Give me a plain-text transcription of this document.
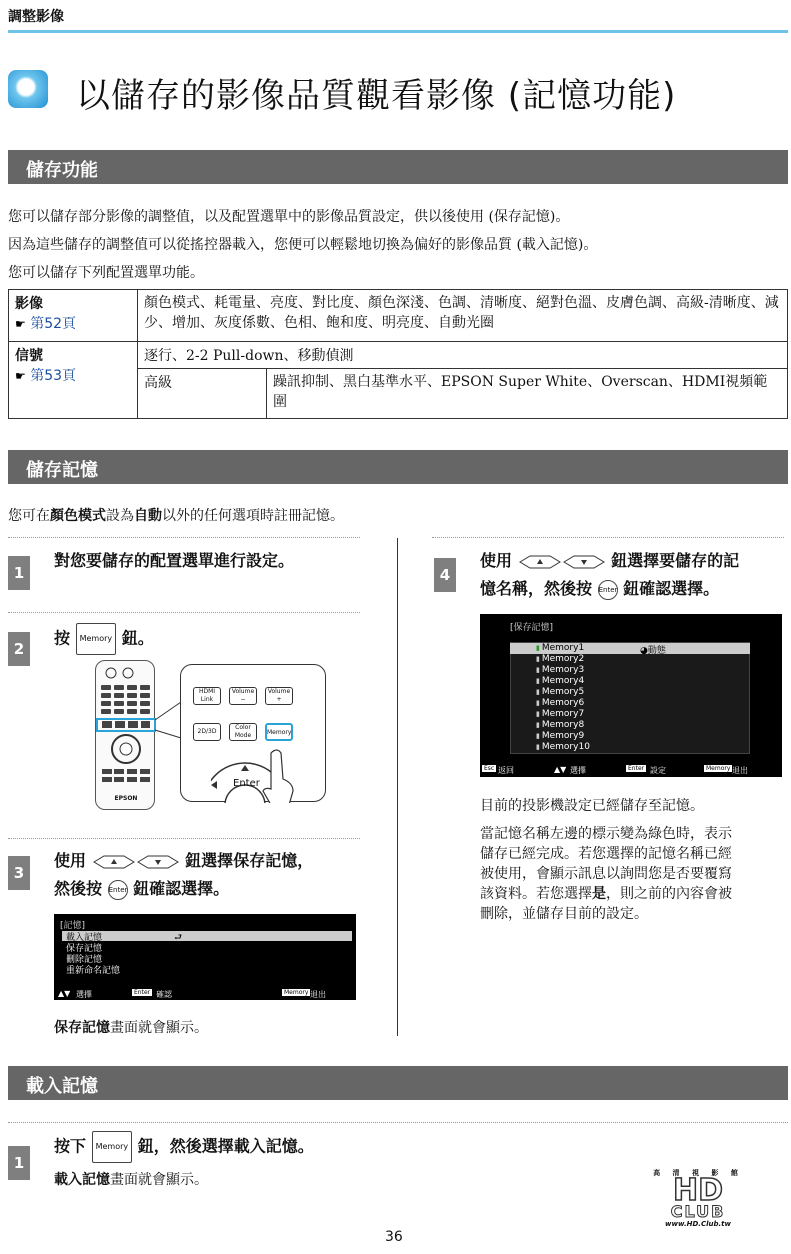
調整影像
以儲存的影像品質觀看影像 (記憶功能)
儲存功能
您可以儲存部分影像的調整值，以及配置選單中的影像品質設定，供以後使用 (保存記憶)。
因為這些儲存的調整值可以從搖控器載入，您便可以輕鬆地切換為偏好的影像品質 (載入記憶)。
您可以儲存下列配置選單功能。
影像
☛ 第52頁	顏色模式、耗電量、亮度、對比度、顏色深淺、色調、清晰度、絕對色溫、皮膚色調、高級-清晰度、減少、增加、灰度係數、色相、飽和度、明亮度、自動光圈	

信號
☛ 第53頁	逐行、2-2 Pull-down、移動偵測	
	高級	躁訊抑制、黑白基準水平、EPSON Super White、Overscan、HDMI視頻範圍
儲存記憶
您可在顏色模式設為自動以外的任何選項時註冊記憶。
1
對您要儲存的配置選單進行設定。
2
按 Memory 鈕。
EPSON
HDMI Link
Volume −
Volume +
2D/3D
Color Mode	Memory
Enter
3
使用	鈕選擇保存記憶，
然後按 Enter 鈕確認選擇。
[記憶]
載入記憶	⮐
保存記憶
刪除記憶
重新命名記憶
▲▼ 選擇	Enter 確認	Memory 退出
保存記憶畫面就會顯示。
4
使用	鈕選擇要儲存的記
憶名稱，然後按 Enter 鈕確認選擇。
[保存記憶]
◕動態
▮ Memory1
▮ Memory2
▮ Memory3
▮ Memory4
▮ Memory5
▮ Memory6
▮ Memory7
▮ Memory8
▮ Memory9
▮ Memory10
Esc 返回	▲▼ 選擇	Enter 設定	Memory 退出
目前的投影機設定已經儲存至記憶。
當記憶名稱左邊的標示變為綠色時，表示
儲存已經完成。若您選擇的記憶名稱已經
被使用，會顯示訊息以詢問您是否要覆寫
該資料。若您選擇是，則之前的內容會被
刪除，並儲存目前的設定。
載入記憶
1
按下 Memory 鈕，然後選擇載入記憶。
載入記憶畫面就會顯示。	高 清 視 影 館
HD
CLUB
www.HD.Club.tw
36
